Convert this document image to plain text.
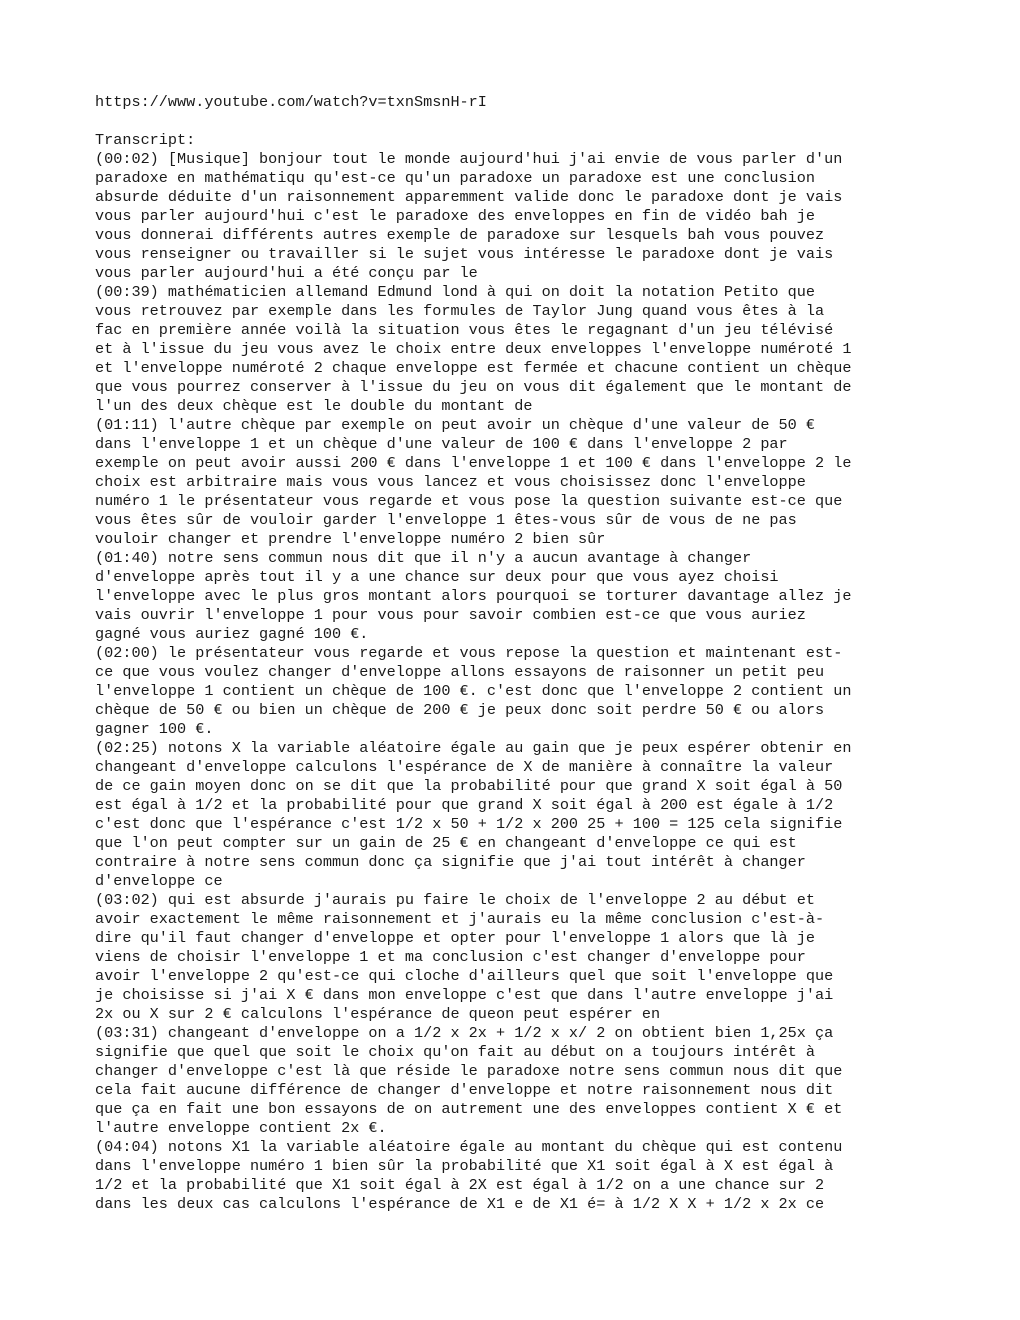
https://www.youtube.com/watch?v=txnSmsnH-rI
Transcript:
(00:02) [Musique] bonjour tout le monde aujourd'hui j'ai envie de vous parler d'un
paradoxe en mathématiqu qu'est-ce qu'un paradoxe un paradoxe est une conclusion
absurde déduite d'un raisonnement apparemment valide donc le paradoxe dont je vais
vous parler aujourd'hui c'est le paradoxe des enveloppes en fin de vidéo bah je
vous donnerai différents autres exemple de paradoxe sur lesquels bah vous pouvez
vous renseigner ou travailler si le sujet vous intéresse le paradoxe dont je vais
vous parler aujourd'hui a été conçu par le
(00:39) mathématicien allemand Edmund lond à qui on doit la notation Petito que
vous retrouvez par exemple dans les formules de Taylor Jung quand vous êtes à la
fac en première année voilà la situation vous êtes le regagnant d'un jeu télévisé
et à l'issue du jeu vous avez le choix entre deux enveloppes l'enveloppe numéroté 1
et l'enveloppe numéroté 2 chaque enveloppe est fermée et chacune contient un chèque
que vous pourrez conserver à l'issue du jeu on vous dit également que le montant de
l'un des deux chèque est le double du montant de
(01:11) l'autre chèque par exemple on peut avoir un chèque d'une valeur de 50 €
dans l'enveloppe 1 et un chèque d'une valeur de 100 € dans l'enveloppe 2 par
exemple on peut avoir aussi 200 € dans l'enveloppe 1 et 100 € dans l'enveloppe 2 le
choix est arbitraire mais vous vous lancez et vous choisissez donc l'enveloppe
numéro 1 le présentateur vous regarde et vous pose la question suivante est-ce que
vous êtes sûr de vouloir garder l'enveloppe 1 êtes-vous sûr de vous de ne pas
vouloir changer et prendre l'enveloppe numéro 2 bien sûr
(01:40) notre sens commun nous dit que il n'y a aucun avantage à changer
d'enveloppe après tout il y a une chance sur deux pour que vous ayez choisi
l'enveloppe avec le plus gros montant alors pourquoi se torturer davantage allez je
vais ouvrir l'enveloppe 1 pour vous pour savoir combien est-ce que vous auriez
gagné vous auriez gagné 100 €.
(02:00) le présentateur vous regarde et vous repose la question et maintenant est-
ce que vous voulez changer d'enveloppe allons essayons de raisonner un petit peu
l'enveloppe 1 contient un chèque de 100 €. c'est donc que l'enveloppe 2 contient un
chèque de 50 € ou bien un chèque de 200 € je peux donc soit perdre 50 € ou alors
gagner 100 €.
(02:25) notons X la variable aléatoire égale au gain que je peux espérer obtenir en
changeant d'enveloppe calculons l'espérance de X de manière à connaître la valeur
de ce gain moyen donc on se dit que la probabilité pour que grand X soit égal à 50
est égal à 1/2 et la probabilité pour que grand X soit égal à 200 est égale à 1/2
c'est donc que l'espérance c'est 1/2 x 50 + 1/2 x 200 25 + 100 = 125 cela signifie
que l'on peut compter sur un gain de 25 € en changeant d'enveloppe ce qui est
contraire à notre sens commun donc ça signifie que j'ai tout intérêt à changer
d'enveloppe ce
(03:02) qui est absurde j'aurais pu faire le choix de l'enveloppe 2 au début et
avoir exactement le même raisonnement et j'aurais eu la même conclusion c'est-à-
dire qu'il faut changer d'enveloppe et opter pour l'enveloppe 1 alors que là je
viens de choisir l'enveloppe 1 et ma conclusion c'est changer d'enveloppe pour
avoir l'enveloppe 2 qu'est-ce qui cloche d'ailleurs quel que soit l'enveloppe que
je choisisse si j'ai X € dans mon enveloppe c'est que dans l'autre enveloppe j'ai
2x ou X sur 2 € calculons l'espérance de queon peut espérer en
(03:31) changeant d'enveloppe on a 1/2 x 2x + 1/2 x x/ 2 on obtient bien 1,25x ça
signifie que quel que soit le choix qu'on fait au début on a toujours intérêt à
changer d'enveloppe c'est là que réside le paradoxe notre sens commun nous dit que
cela fait aucune différence de changer d'enveloppe et notre raisonnement nous dit
que ça en fait une bon essayons de on autrement une des enveloppes contient X € et
l'autre enveloppe contient 2x €.
(04:04) notons X1 la variable aléatoire égale au montant du chèque qui est contenu
dans l'enveloppe numéro 1 bien sûr la probabilité que X1 soit égal à X est égal à
1/2 et la probabilité que X1 soit égal à 2X est égal à 1/2 on a une chance sur 2
dans les deux cas calculons l'espérance de X1 e de X1 é= à 1/2 X X + 1/2 x 2x ce
